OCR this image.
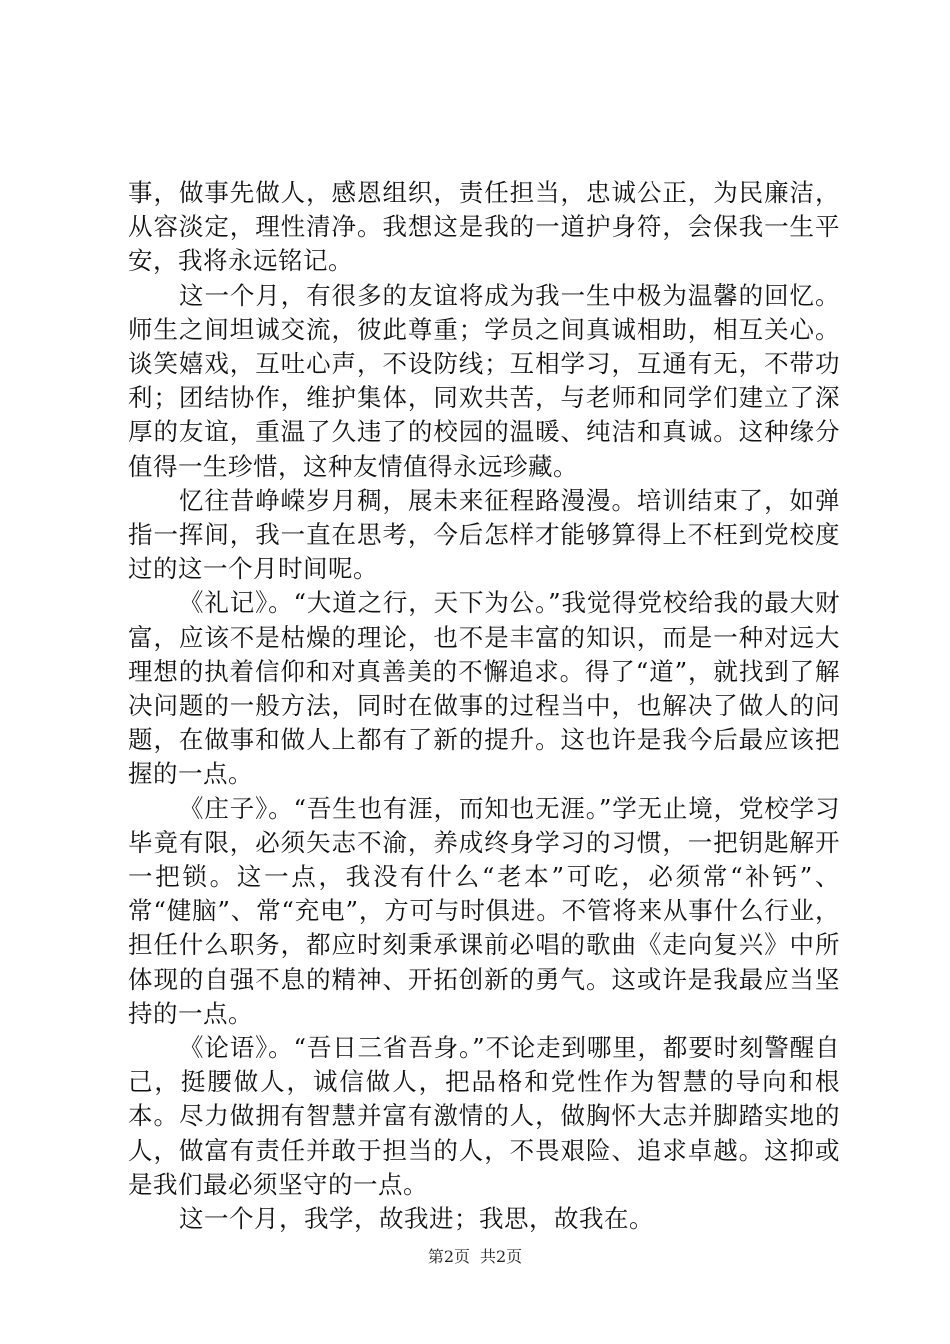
事，做事先做人，感恩组织，责任担当，忠诚公正，为民廉洁，从容淡定，理性清净。我想这是我的一道护身符，会保我一生平安，我将永远铭记。

这一个月，有很多的友谊将成为我一生中极为温馨的回忆。师生之间坦诚交流，彼此尊重；学员之间真诚相助，相互关心。谈笑嬉戏，互吐心声，不设防线；互相学习，互通有无，不带功利；团结协作，维护集体，同欢共苦，与老师和同学们建立了深厚的友谊，重温了久违了的校园的温暖、纯洁和真诚。这种缘分值得一生珍惜，这种友情值得永远珍藏。

忆往昔峥嵘岁月稠，展未来征程路漫漫。培训结束了，如弹指一挥间，我一直在思考，今后怎样才能够算得上不枉到党校度过的这一个月时间呢。

《礼记》。“大道之行，天下为公。”我觉得党校给我的最大财富，应该不是枯燥的理论，也不是丰富的知识，而是一种对远大理想的执着信仰和对真善美的不懈追求。得了“道”，就找到了解决问题的一般方法，同时在做事的过程当中，也解决了做人的问题，在做事和做人上都有了新的提升。这也许是我今后最应该把握的一点。

《庄子》。“吾生也有涯，而知也无涯。”学无止境，党校学习毕竟有限，必须矢志不渝，养成终身学习的习惯，一把钥匙解开一把锁。这一点，我没有什么“老本”可吃，必须常“补钙”、常“健脑”、常“充电”，方可与时俱进。不管将来从事什么行业，担任什么职务，都应时刻秉承课前必唱的歌曲《走向复兴》中所体现的自强不息的精神、开拓创新的勇气。这或许是我最应当坚持的一点。

《论语》。“吾日三省吾身。”不论走到哪里，都要时刻警醒自己，挺腰做人，诚信做人，把品格和党性作为智慧的导向和根本。尽力做拥有智慧并富有激情的人，做胸怀大志并脚踏实地的人，做富有责任并敢于担当的人，不畏艰险、追求卓越。这抑或是我们最必须坚守的一点。

这一个月，我学，故我进；我思，故我在。

第2页 共2页
